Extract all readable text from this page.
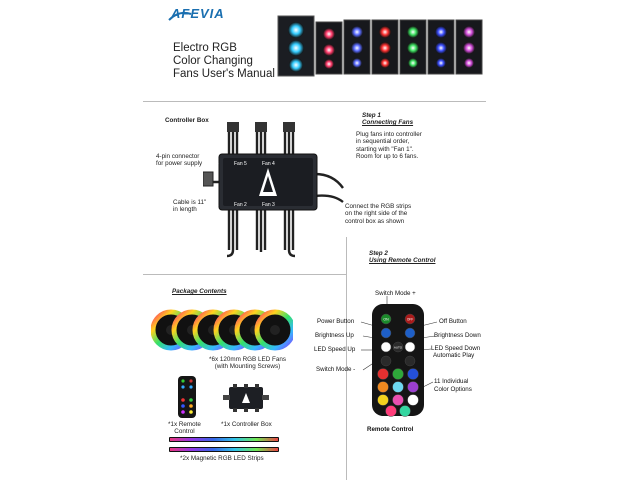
AFEVIA
Electro RGB
Color Changing
Fans User's Manual
Controller Box
Fan 6	Fan 5	Fan 4
Fan 1	Fan 2	Fan 3
4-pin connector
for power supply
Cable is 11"
in length	Connect the RGB strips
on the right side of the
control box as shown
Step 1
Connecting Fans
Plug fans into controller
in sequential order,
starting with "Fan 1".
Room for up to 6 fans.
Step 2
Using Remote Control
Switch Mode +
Power Button	Off Button
Brightness Up	Brightness Down
LED Speed Up	LED Speed Down
Automatic Play
Switch Mode -
11 Individual
Color Options
ON	OFF
AUTO
Remote Control
Package Contents
*6x 120mm RGB LED Fans
(with Mounting Screws)
*1x Remote
Control
*1x Controller Box
*2x Magnetic RGB LED Strips
